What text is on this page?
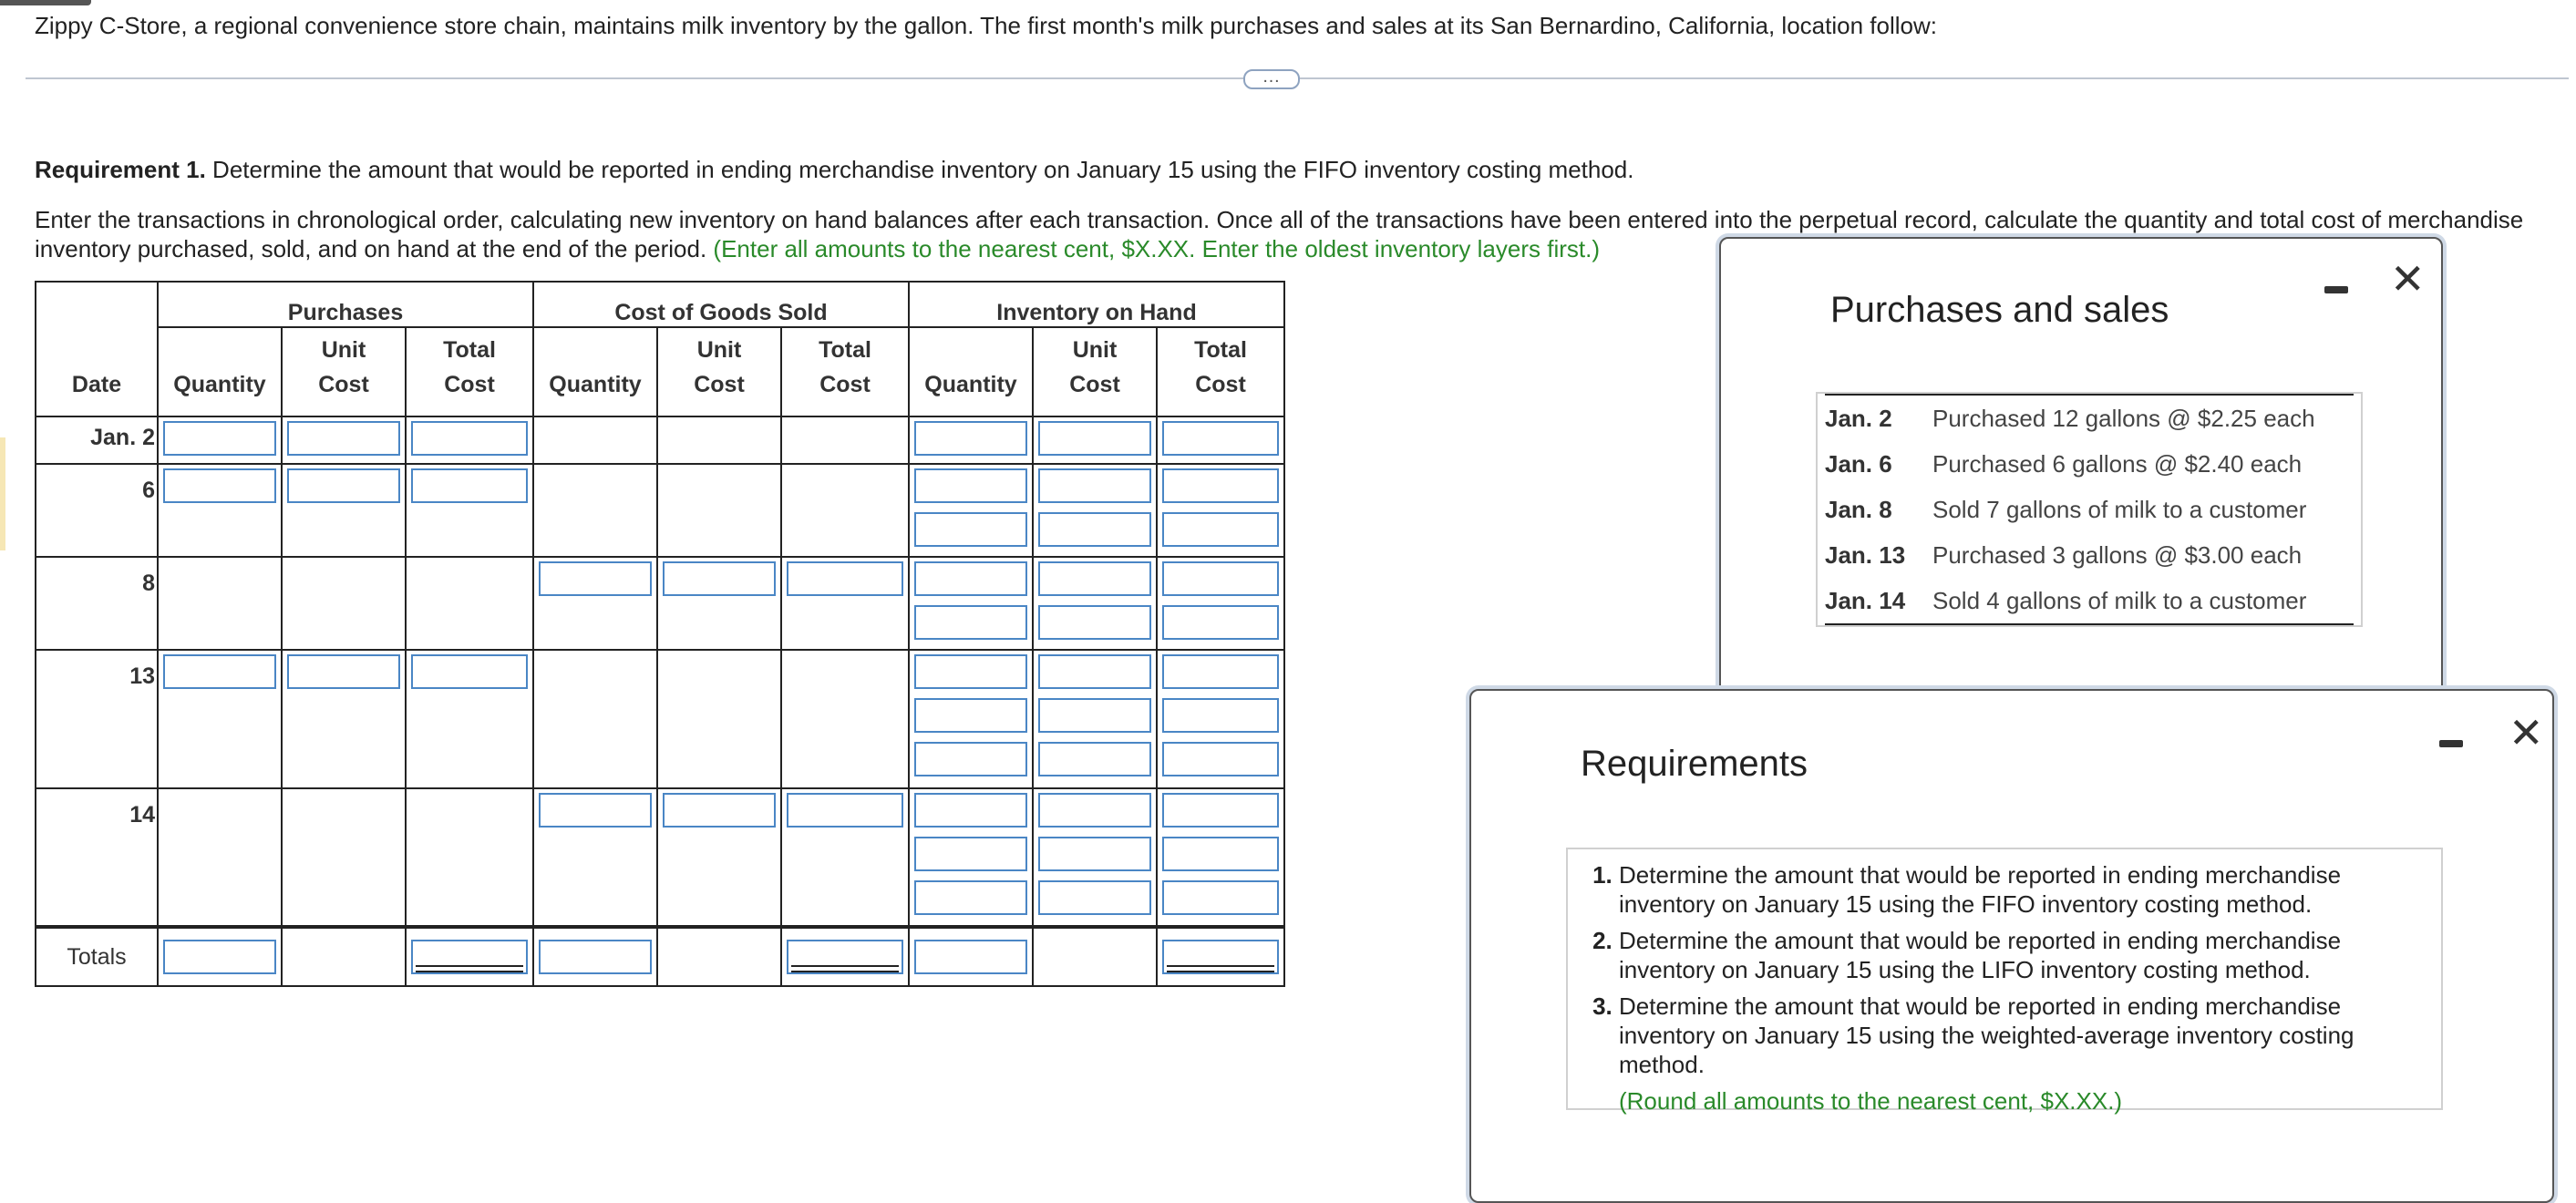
Zippy C-Store, a regional convenience store chain, maintains milk inventory by the gallon. The first month's milk purchases and sales at its San Bernardino, California, location follow:
…
Requirement 1. Determine the amount that would be reported in ending merchandise inventory on January 15 using the FIFO inventory costing method.
Enter the transactions in chronological order, calculating new inventory on hand balances after each transaction. Once all of the transactions have been entered into the perpetual record, calculate the quantity and total cost of merchandise inventory purchased, sold, and on hand at the end of the period. (Enter all amounts to the nearest cent, $X.XX. Enter the oldest inventory layers first.)
	Purchases			Cost of Goods Sold			Inventory on Hand		
		Unit	Total		Unit	Total		Unit	Total
Date	Quantity	Cost	Cost	Quantity	Cost	Cost	Quantity	Cost	Cost
Jan. 2	

6	

8				

13	

14				

Totals	

Purchases and sales
✕
Jan. 2	Purchased 12 gallons @ $2.25 each
Jan. 6	Purchased 6 gallons @ $2.40 each
Jan. 8	Sold 7 gallons of milk to a customer
Jan. 13	Purchased 3 gallons @ $3.00 each
Jan. 14	Sold 4 gallons of milk to a customer
Requirements
✕
1. Determine the amount that would be reported in ending merchandise inventory on January 15 using the FIFO inventory costing method.
2. Determine the amount that would be reported in ending merchandise inventory on January 15 using the LIFO inventory costing method.
3. Determine the amount that would be reported in ending merchandise inventory on January 15 using the weighted-average inventory costing method.
(Round all amounts to the nearest cent, $X.XX.)
